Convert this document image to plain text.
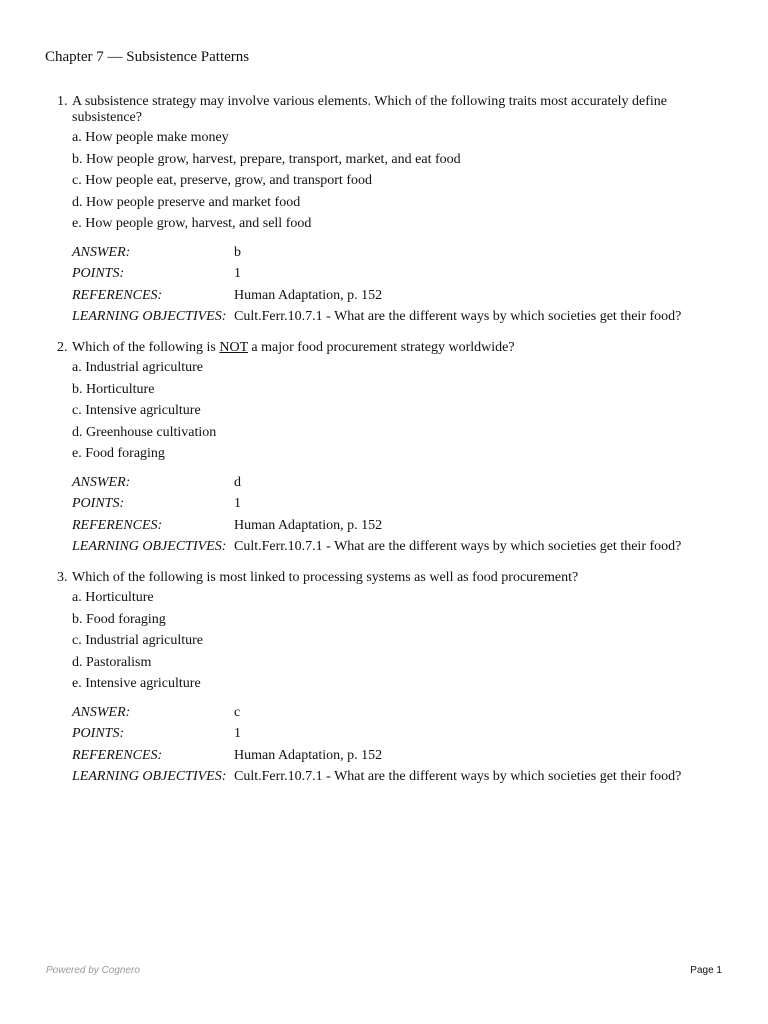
Chapter 7 — Subsistence Patterns
1. A subsistence strategy may involve various elements. Which of the following traits most accurately define subsistence?
a. How people make money
b. How people grow, harvest, prepare, transport, market, and eat food
c. How people eat, preserve, grow, and transport food
d. How people preserve and market food
e. How people grow, harvest, and sell food
ANSWER:	b
POINTS:	1
REFERENCES:	Human Adaptation, p. 152
LEARNING OBJECTIVES:	Cult.Ferr.10.7.1 - What are the different ways by which societies get their food?
2. Which of the following is NOT a major food procurement strategy worldwide?
a. Industrial agriculture
b. Horticulture
c. Intensive agriculture
d. Greenhouse cultivation
e. Food foraging
ANSWER:	d
POINTS:	1
REFERENCES:	Human Adaptation, p. 152
LEARNING OBJECTIVES:	Cult.Ferr.10.7.1 - What are the different ways by which societies get their food?
3. Which of the following is most linked to processing systems as well as food procurement?
a. Horticulture
b. Food foraging
c. Industrial agriculture
d. Pastoralism
e. Intensive agriculture
ANSWER:	c
POINTS:	1
REFERENCES:	Human Adaptation, p. 152
LEARNING OBJECTIVES:	Cult.Ferr.10.7.1 - What are the different ways by which societies get their food?
Powered by Cognero	Page 1
